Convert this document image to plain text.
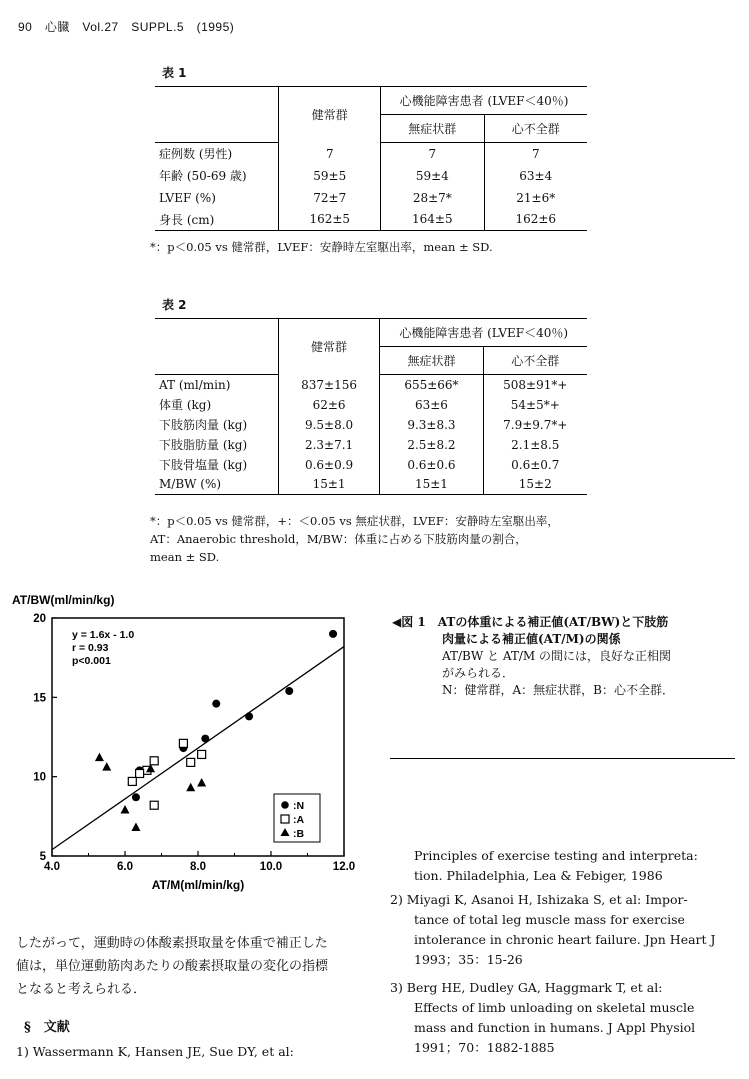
90　心臓　Vol.27　SUPPL.5　(1995)
表 1
	健常群	心機能障害患者 (LVEF＜40％)	
		無症状群	心不全群
症例数 (男性)	7	7	7
年齢 (50-69 歳)	59±5	59±4	63±4
LVEF (%)	72±7	28±7*	21±6*
身長 (cm)	162±5	164±5	162±6
*：p＜0.05 vs 健常群，LVEF：安静時左室駆出率，mean ± SD.
表 2
	健常群	心機能障害患者 (LVEF＜40％)	
		無症状群	心不全群
AT (ml/min)	837±156	655±66*	508±91*+
体重 (kg)	62±6	63±6	54±5*+
下肢筋肉量 (kg)	9.5±8.0	9.3±8.3	7.9±9.7*+
下肢脂肪量 (kg)	2.3±7.1	2.5±8.2	2.1±8.5
下肢骨塩量 (kg)	0.6±0.9	0.6±0.6	0.6±0.7
M/BW (%)	15±1	15±1	15±2
*：p＜0.05 vs 健常群，+：＜0.05 vs 無症状群，LVEF：安静時左室駆出率，
AT：Anaerobic threshold，M/BW：体重に占める下肢筋肉量の割合，
mean ± SD.
AT/BW(ml/min/kg)
4.0	6.0	8.0	10.0	12.0
5
10
15
20
y = 1.6x - 1.0
r = 0.93
p<0.001
:N
:A
:B
AT/M(ml/min/kg)
◀図 1　ATの体重による補正値(AT/BW)と下肢筋
肉量による補正値(AT/M)の関係
AT/BW と AT/M の間には，良好な正相関
がみられる．
N：健常群，A：無症状群，B：心不全群．
したがって，運動時の体酸素摂取量を体重で補正した
値は，単位運動筋肉あたりの酸素摂取量の変化の指標
となると考えられる．
§　文献
1) Wassermann K, Hansen JE, Sue DY, et al:
Principles of exercise testing and interpreta:
tion. Philadelphia, Lea & Febiger, 1986
2) Miyagi K, Asanoi H, Ishizaka S, et al: Impor-
tance of total leg muscle mass for exercise
intolerance in chronic heart failure. Jpn Heart J
1993；35：15-26
3) Berg HE, Dudley GA, Haggmark T, et al:
Effects of limb unloading on skeletal muscle
mass and function in humans. J Appl Physiol
1991；70：1882-1885
